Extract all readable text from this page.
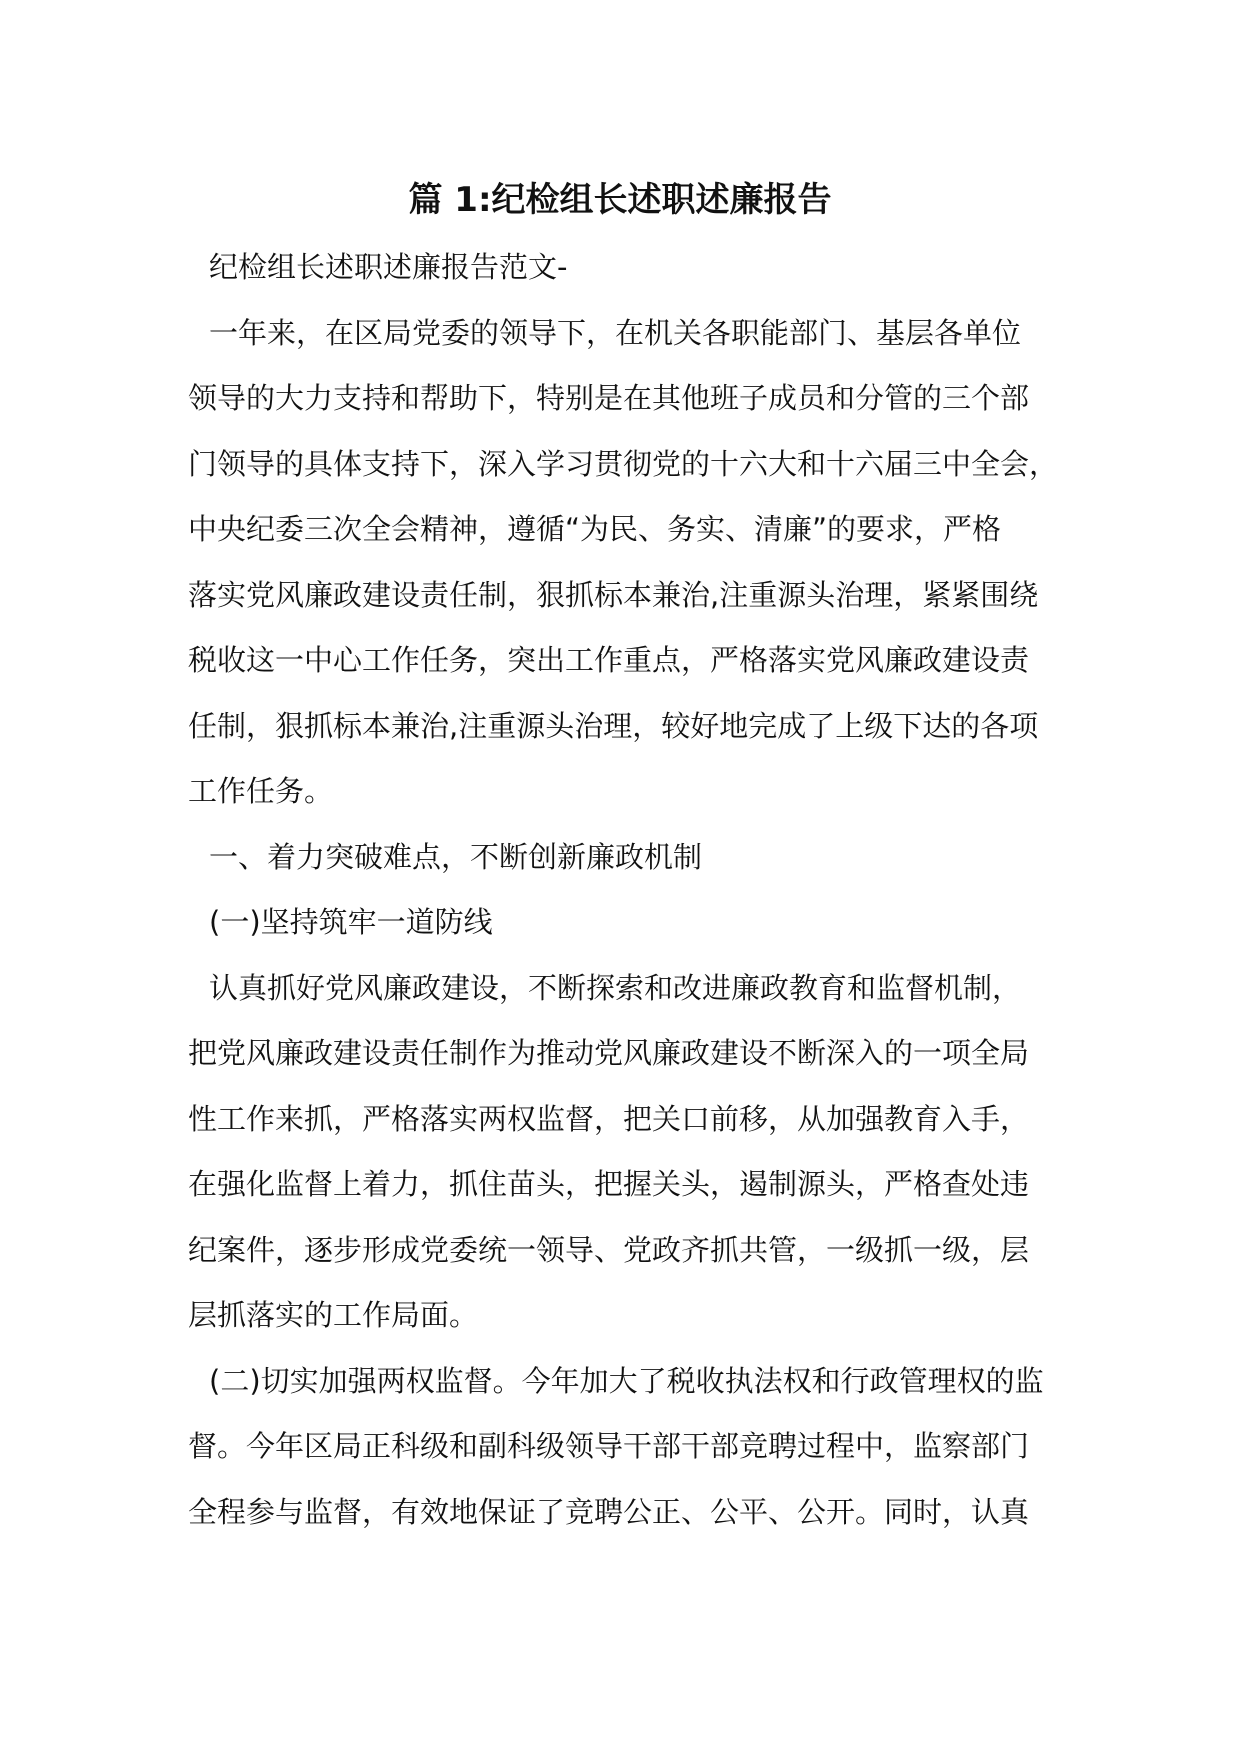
篇 1:纪检组长述职述廉报告
纪检组长述职述廉报告范文-
一年来，在区局党委的领导下，在机关各职能部门、基层各单位
领导的大力支持和帮助下，特别是在其他班子成员和分管的三个部
门领导的具体支持下，深入学习贯彻党的十六大和十六届三中全会，
中央纪委三次全会精神，遵循“为民、务实、清廉”的要求，严格
落实党风廉政建设责任制，狠抓标本兼治,注重源头治理，紧紧围绕
税收这一中心工作任务，突出工作重点，严格落实党风廉政建设责
任制，狠抓标本兼治,注重源头治理，较好地完成了上级下达的各项
工作任务。
一、着力突破难点，不断创新廉政机制
(一)坚持筑牢一道防线
认真抓好党风廉政建设，不断探索和改进廉政教育和监督机制，
把党风廉政建设责任制作为推动党风廉政建设不断深入的一项全局
性工作来抓，严格落实两权监督，把关口前移，从加强教育入手，
在强化监督上着力，抓住苗头，把握关头，遏制源头，严格查处违
纪案件，逐步形成党委统一领导、党政齐抓共管，一级抓一级，层
层抓落实的工作局面。
(二)切实加强两权监督。今年加大了税收执法权和行政管理权的监
督。今年区局正科级和副科级领导干部干部竞聘过程中，监察部门
全程参与监督，有效地保证了竞聘公正、公平、公开。同时，认真
